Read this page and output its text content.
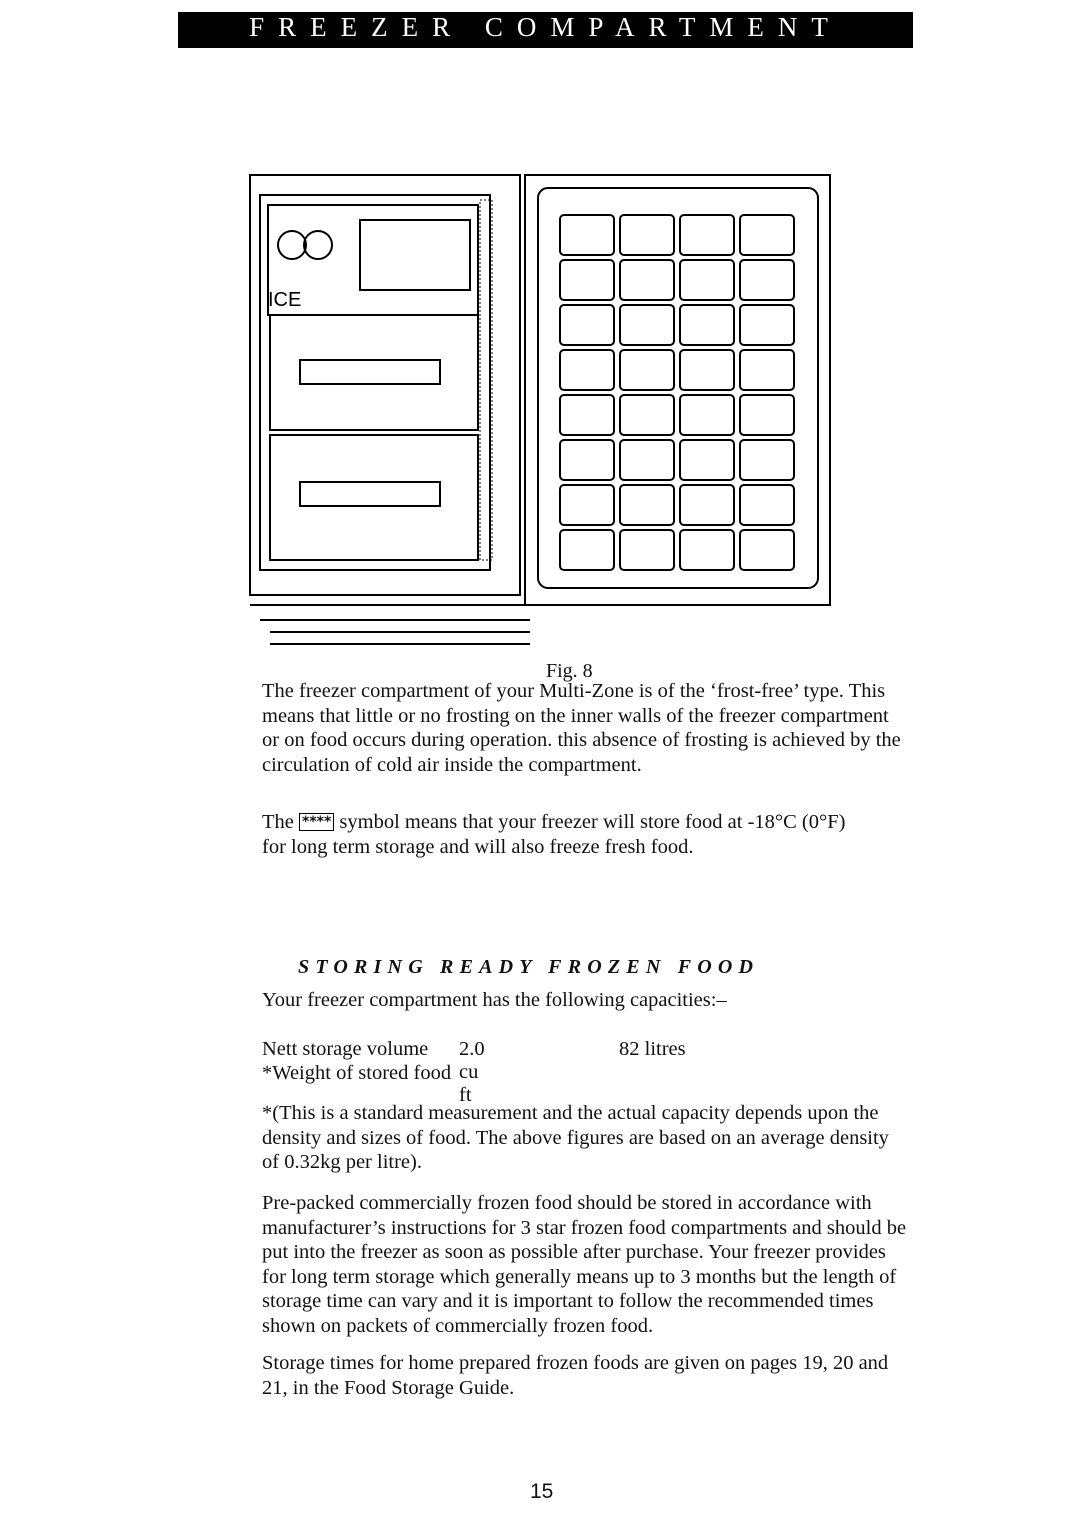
FREEZER COMPARTMENT
ICE
Fig. 8
The freezer compartment of your Multi-Zone is of the ‘frost-free’ type. This
means that little or no frosting on the inner walls of the freezer compartment
or on food occurs during operation. this absence of frosting is achieved by the
circulation of cold air inside the compartment.
The **** symbol means that your freezer will store food at -18°C (0°F)
for long term storage and will also freeze fresh food.
STORING READY FROZEN FOOD
Your freezer compartment has the following capacities:–
Nett storage volume 2.0 cu ft
82 litres
*Weight of stored food
*(This is a standard measurement and the actual capacity depends upon the
density and sizes of food. The above figures are based on an average density
of 0.32kg per litre).
Pre-packed commercially frozen food should be stored in accordance with
manufacturer’s instructions for 3 star frozen food compartments and should be
put into the freezer as soon as possible after purchase. Your freezer provides
for long term storage which generally means up to 3 months but the length of
storage time can vary and it is important to follow the recommended times
shown on packets of commercially frozen food.
Storage times for home prepared frozen foods are given on pages 19, 20 and
21, in the Food Storage Guide.
15
